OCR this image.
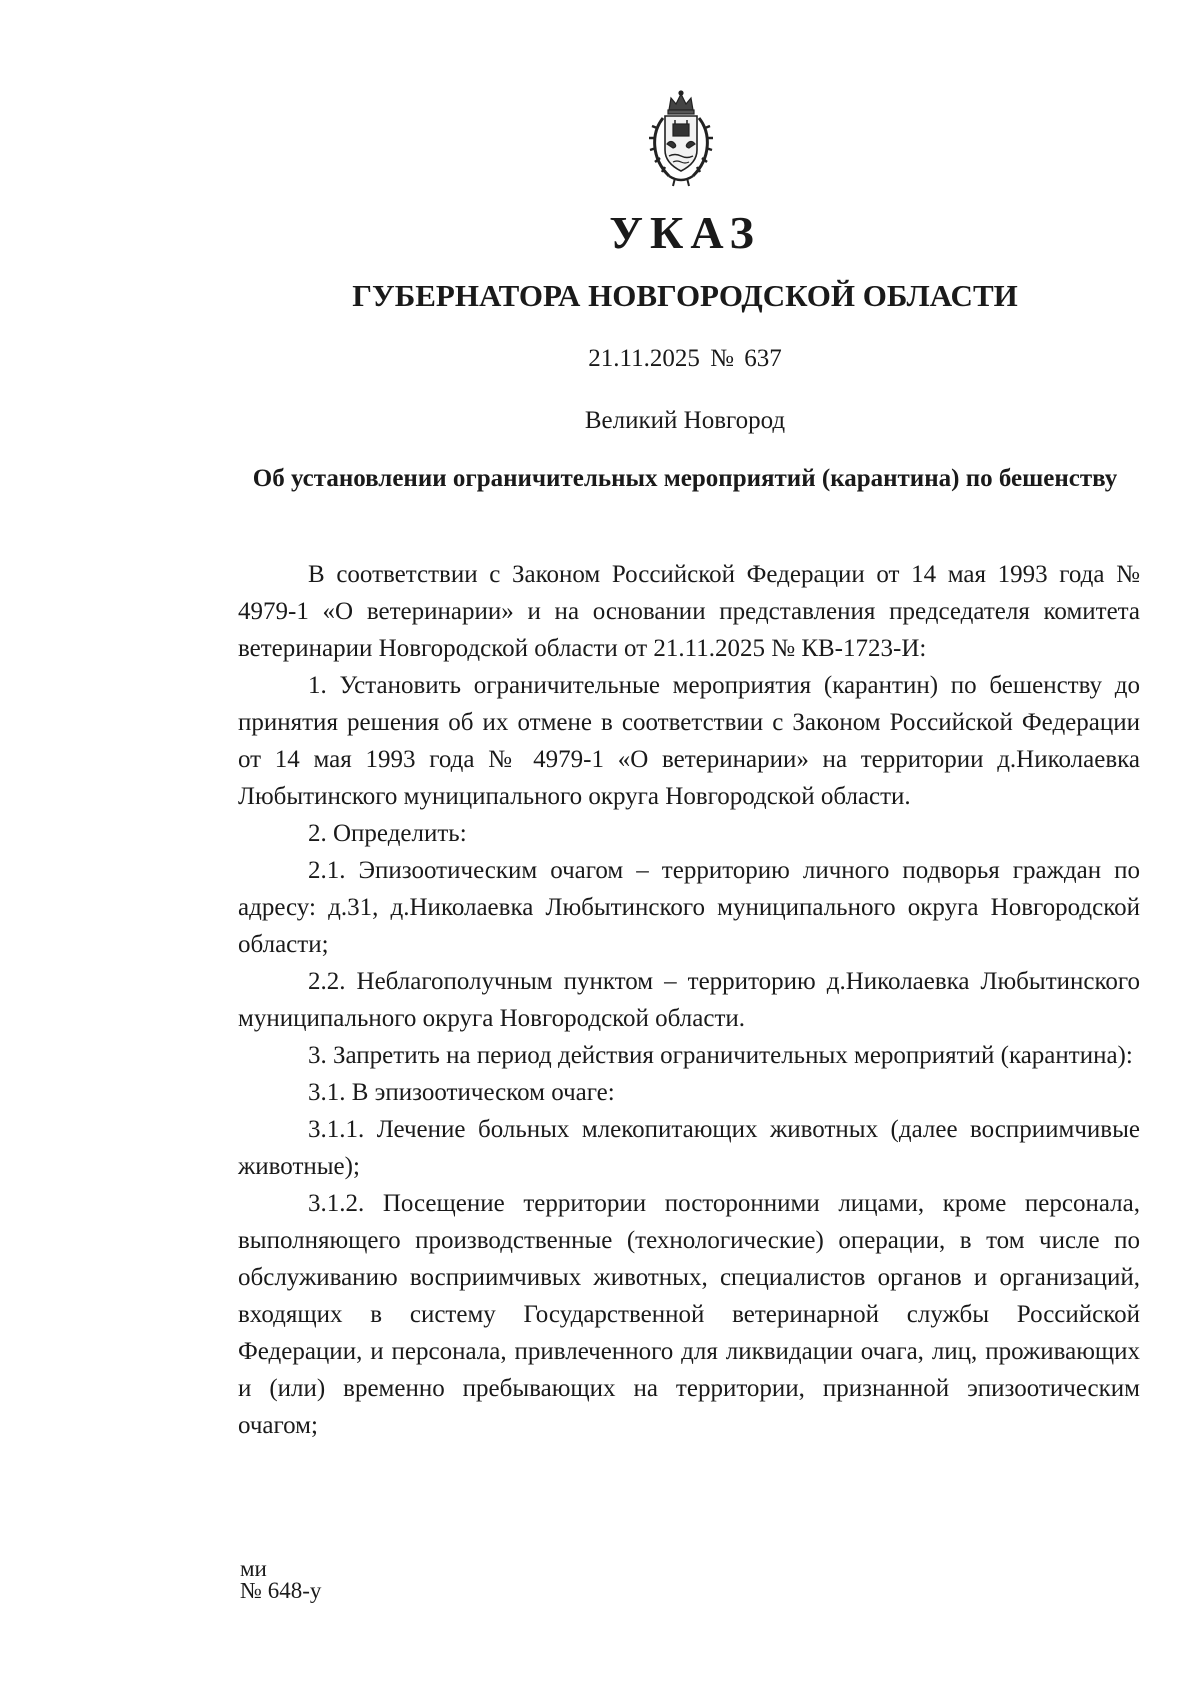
УКАЗ
ГУБЕРНАТОРА НОВГОРОДСКОЙ ОБЛАСТИ
21.11.2025 № 637
Великий Новгород
Об установлении ограничительных мероприятий (карантина) по бешенству

В соответствии с Законом Российской Федерации от 14 мая 1993 года № 4979-1 «О ветеринарии» и на основании представления председателя комитета ветеринарии Новгородской области от 21.11.2025 № КВ-1723-И:

1. Установить ограничительные мероприятия (карантин) по бешенству до принятия решения об их отмене в соответствии с Законом Российской Федерации от 14 мая 1993 года № 4979-1 «О ветеринарии» на территории д.Николаевка Любытинского муниципального округа Новгородской области.

2. Определить:

2.1. Эпизоотическим очагом – территорию личного подворья граждан по адресу: д.31, д.Николаевка Любытинского муниципального округа Новгородской области;

2.2. Неблагополучным пунктом – территорию д.Николаевка Любытинского муниципального округа Новгородской области.

3. Запретить на период действия ограничительных мероприятий (карантина):

3.1. В эпизоотическом очаге:

3.1.1. Лечение больных млекопитающих животных (далее восприимчивые животные);

3.1.2. Посещение территории посторонними лицами, кроме персонала, выполняющего производственные (технологические) операции, в том числе по обслуживанию восприимчивых животных, специалистов органов и организаций, входящих в систему Государственной ветеринарной службы Российской Федерации, и персонала, привлеченного для ликвидации очага, лиц, проживающих и (или) временно пребывающих на территории, признанной эпизоотическим очагом;

ми
№ 648-у
